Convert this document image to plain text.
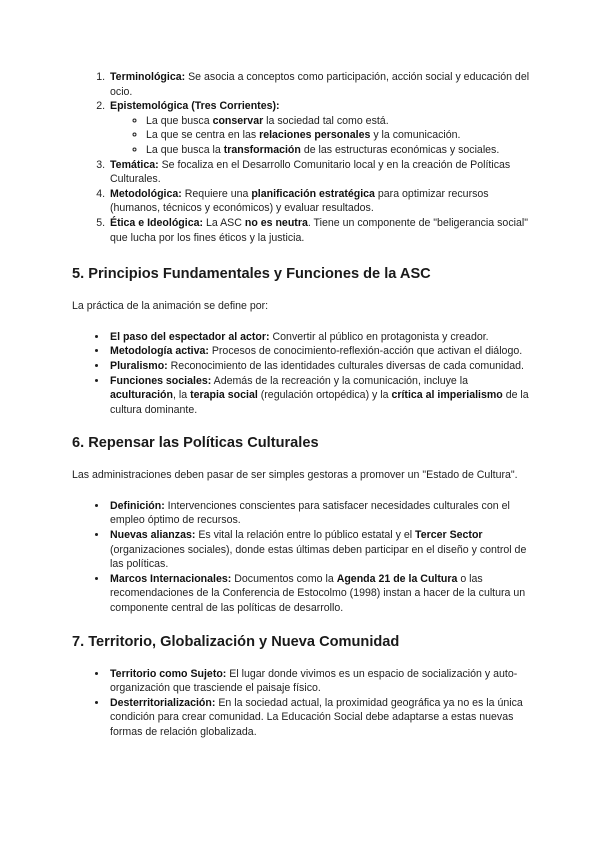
1. Terminológica: Se asocia a conceptos como participación, acción social y educación del ocio.
2. Epistemológica (Tres Corrientes):
◦ La que busca conservar la sociedad tal como está.
◦ La que se centra en las relaciones personales y la comunicación.
◦ La que busca la transformación de las estructuras económicas y sociales.
3. Temática: Se focaliza en el Desarrollo Comunitario local y en la creación de Políticas Culturales.
4. Metodológica: Requiere una planificación estratégica para optimizar recursos (humanos, técnicos y económicos) y evaluar resultados.
5. Ética e Ideológica: La ASC no es neutra. Tiene un componente de "beligerancia social" que lucha por los fines éticos y la justicia.
5. Principios Fundamentales y Funciones de la ASC

La práctica de la animación se define por:

• El paso del espectador al actor: Convertir al público en protagonista y creador.
• Metodología activa: Procesos de conocimiento-reflexión-acción que activan el diálogo.
• Pluralismo: Reconocimiento de las identidades culturales diversas de cada comunidad.
• Funciones sociales: Además de la recreación y la comunicación, incluye la aculturación, la terapia social (regulación ortopédica) y la crítica al imperialismo de la cultura dominante.
6. Repensar las Políticas Culturales

Las administraciones deben pasar de ser simples gestoras a promover un "Estado de Cultura".

• Definición: Intervenciones conscientes para satisfacer necesidades culturales con el empleo óptimo de recursos.
• Nuevas alianzas: Es vital la relación entre lo público estatal y el Tercer Sector (organizaciones sociales), donde estas últimas deben participar en el diseño y control de las políticas.
• Marcos Internacionales: Documentos como la Agenda 21 de la Cultura o las recomendaciones de la Conferencia de Estocolmo (1998) instan a hacer de la cultura un componente central de las políticas de desarrollo.
7. Territorio, Globalización y Nueva Comunidad
• Territorio como Sujeto: El lugar donde vivimos es un espacio de socialización y auto-organización que trasciende el paisaje físico.
• Desterritorialización: En la sociedad actual, la proximidad geográfica ya no es la única condición para crear comunidad. La Educación Social debe adaptarse a estas nuevas formas de relación globalizada.
